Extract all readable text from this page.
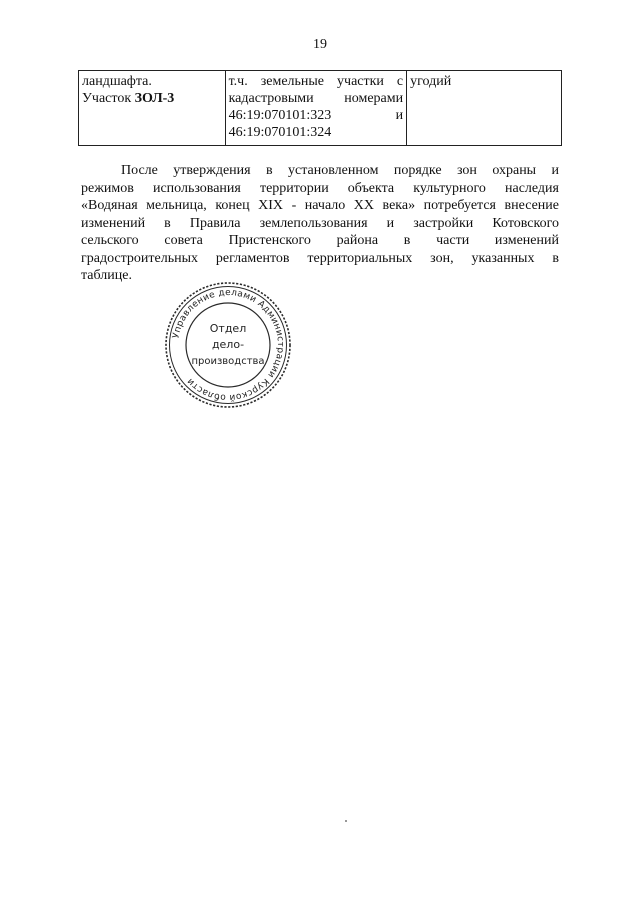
19
ландшафта.
Участок ЗОЛ-3

т.ч. земельные участки с
кадастровыми номерами
46:19:070101:323 и
46:19:070101:324

угодий
После утверждения в установленном порядке зон охраны и
режимов использования территории объекта культурного наследия
«Водяная мельница, конец XIX - начало XX века» потребуется внесение
изменений в Правила землепользования и застройки Котовского
сельского совета Пристенского района в части изменений
градостроительных регламентов территориальных зон, указанных в
таблице.
Управление делами Администрации Курской области
Отдел
дело-
производства
